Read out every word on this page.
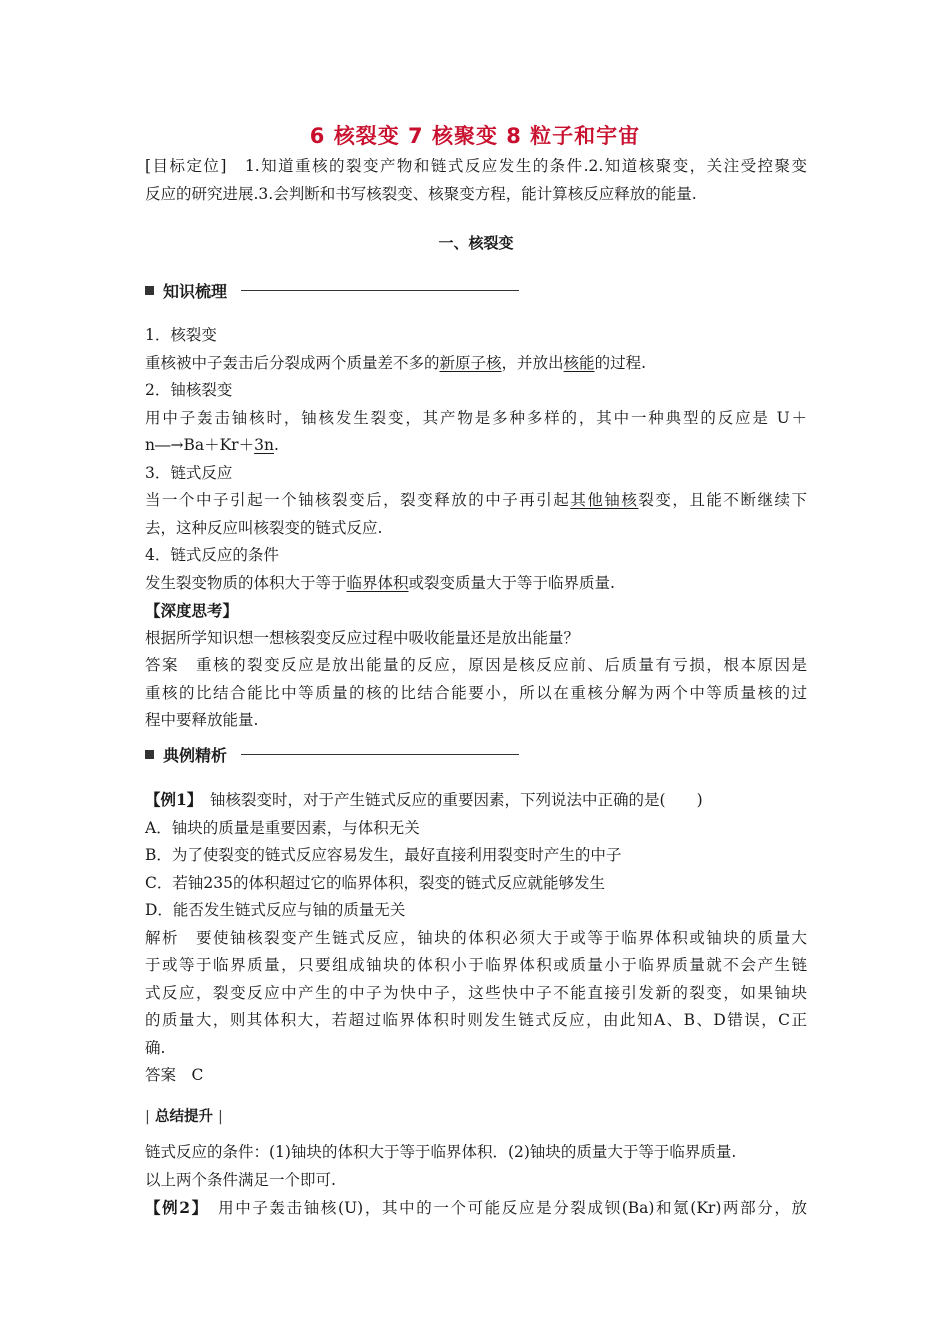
6 核裂变 7 核聚变 8 粒子和宇宙
[目标定位]　1.知道重核的裂变产物和链式反应发生的条件.2.知道核聚变，关注受控聚变
反应的研究进展.3.会判断和书写核裂变、核聚变方程，能计算核反应释放的能量.
一、核裂变
知识梳理
1．核裂变
重核被中子轰击后分裂成两个质量差不多的新原子核，并放出核能的过程.
2．铀核裂变
用中子轰击铀核时，铀核发生裂变，其产物是多种多样的，其中一种典型的反应是 U＋
n―→Ba＋Kr＋3n.
3．链式反应
当一个中子引起一个铀核裂变后，裂变释放的中子再引起其他铀核裂变，且能不断继续下
去，这种反应叫核裂变的链式反应.
4．链式反应的条件
发生裂变物质的体积大于等于临界体积或裂变质量大于等于临界质量.
【深度思考】
根据所学知识想一想核裂变反应过程中吸收能量还是放出能量？
答案　重核的裂变反应是放出能量的反应，原因是核反应前、后质量有亏损，根本原因是
重核的比结合能比中等质量的核的比结合能要小，所以在重核分解为两个中等质量核的过
程中要释放能量.
典例精析
【例1】　铀核裂变时，对于产生链式反应的重要因素，下列说法中正确的是(　　)
A．铀块的质量是重要因素，与体积无关
B．为了使裂变的链式反应容易发生，最好直接利用裂变时产生的中子
C．若铀235的体积超过它的临界体积，裂变的链式反应就能够发生
D．能否发生链式反应与铀的质量无关
解析　要使铀核裂变产生链式反应，铀块的体积必须大于或等于临界体积或铀块的质量大
于或等于临界质量，只要组成铀块的体积小于临界体积或质量小于临界质量就不会产生链
式反应，裂变反应中产生的中子为快中子，这些快中子不能直接引发新的裂变，如果铀块
的质量大，则其体积大，若超过临界体积时则发生链式反应，由此知A、B、D错误，C正
确.
答案　C
| 总结提升 |
链式反应的条件：(1)铀块的体积大于等于临界体积．(2)铀块的质量大于等于临界质量.
以上两个条件满足一个即可.
【例2】　用中子轰击铀核(U)，其中的一个可能反应是分裂成钡(Ba)和氪(Kr)两部分，放
